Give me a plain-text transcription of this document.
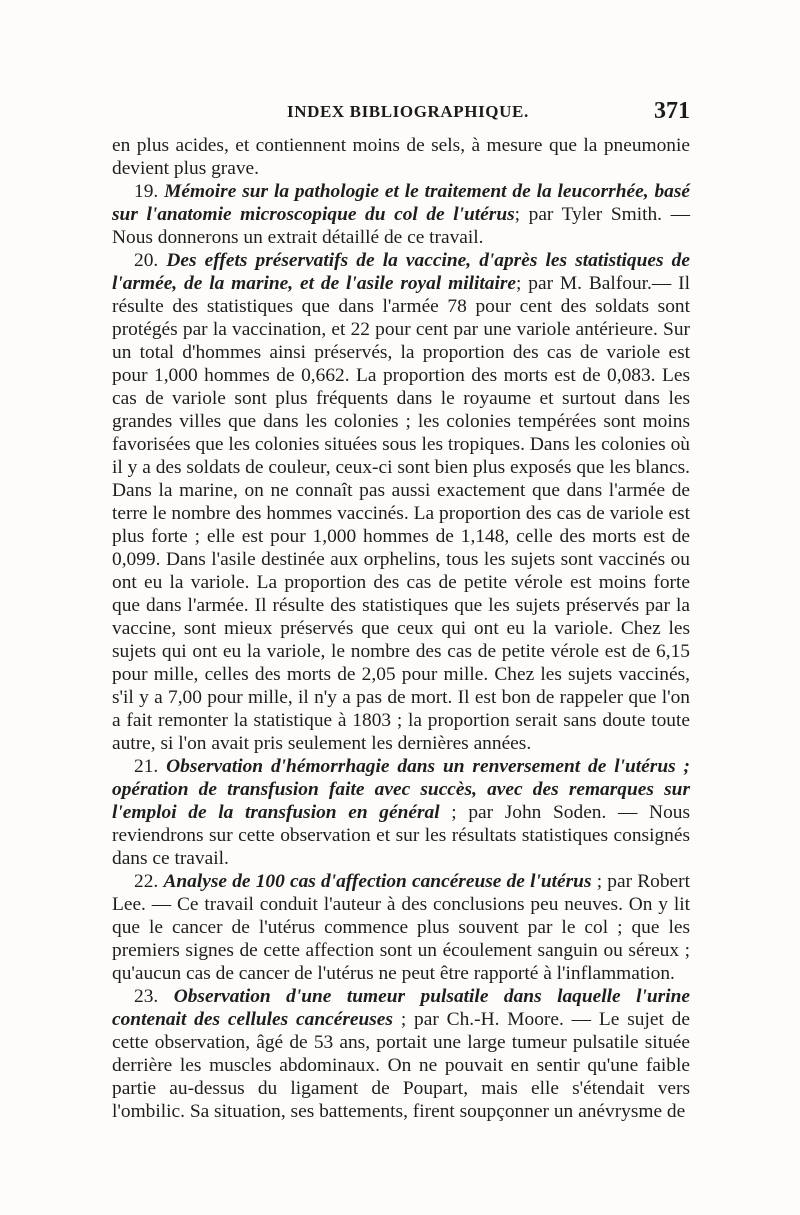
INDEX BIBLIOGRAPHIQUE.	371

en plus acides, et contiennent moins de sels, à mesure que la pneumonie devient plus grave.

19. Mémoire sur la pathologie et le traitement de la leucorrhée, basé sur l'anatomie microscopique du col de l'utérus; par Tyler Smith. — Nous donnerons un extrait détaillé de ce travail.

20. Des effets préservatifs de la vaccine, d'après les statistiques de l'armée, de la marine, et de l'asile royal militaire; par M. Balfour.— Il résulte des statistiques que dans l'armée 78 pour cent des soldats sont protégés par la vaccination, et 22 pour cent par une variole antérieure. Sur un total d'hommes ainsi préservés, la proportion des cas de variole est pour 1,000 hommes de 0,662. La proportion des morts est de 0,083. Les cas de variole sont plus fréquents dans le royaume et surtout dans les grandes villes que dans les colonies ; les colonies tempérées sont moins favorisées que les colonies situées sous les tropiques. Dans les colonies où il y a des soldats de couleur, ceux-ci sont bien plus exposés que les blancs. Dans la marine, on ne connaît pas aussi exactement que dans l'armée de terre le nombre des hommes vaccinés. La proportion des cas de variole est plus forte ; elle est pour 1,000 hommes de 1,148, celle des morts est de 0,099. Dans l'asile destinée aux orphelins, tous les sujets sont vaccinés ou ont eu la variole. La proportion des cas de petite vérole est moins forte que dans l'armée. Il résulte des statistiques que les sujets préservés par la vaccine, sont mieux préservés que ceux qui ont eu la variole. Chez les sujets qui ont eu la variole, le nombre des cas de petite vérole est de 6,15 pour mille, celles des morts de 2,05 pour mille. Chez les sujets vaccinés, s'il y a 7,00 pour mille, il n'y a pas de mort. Il est bon de rappeler que l'on a fait remonter la statistique à 1803 ; la proportion serait sans doute toute autre, si l'on avait pris seulement les dernières années.

21. Observation d'hémorrhagie dans un renversement de l'utérus ; opération de transfusion faite avec succès, avec des remarques sur l'emploi de la transfusion en général ; par John Soden. — Nous reviendrons sur cette observation et sur les résultats statistiques consignés dans ce travail.

22. Analyse de 100 cas d'affection cancéreuse de l'utérus ; par Robert Lee. — Ce travail conduit l'auteur à des conclusions peu neuves. On y lit que le cancer de l'utérus commence plus souvent par le col ; que les premiers signes de cette affection sont un écoulement sanguin ou séreux ; qu'aucun cas de cancer de l'utérus ne peut être rapporté à l'inflammation.

23. Observation d'une tumeur pulsatile dans laquelle l'urine contenait des cellules cancéreuses ; par Ch.-H. Moore. — Le sujet de cette observation, âgé de 53 ans, portait une large tumeur pulsatile située derrière les muscles abdominaux. On ne pouvait en sentir qu'une faible partie au-dessus du ligament de Poupart, mais elle s'étendait vers l'ombilic. Sa situation, ses battements, firent soupçonner un anévrysme de
